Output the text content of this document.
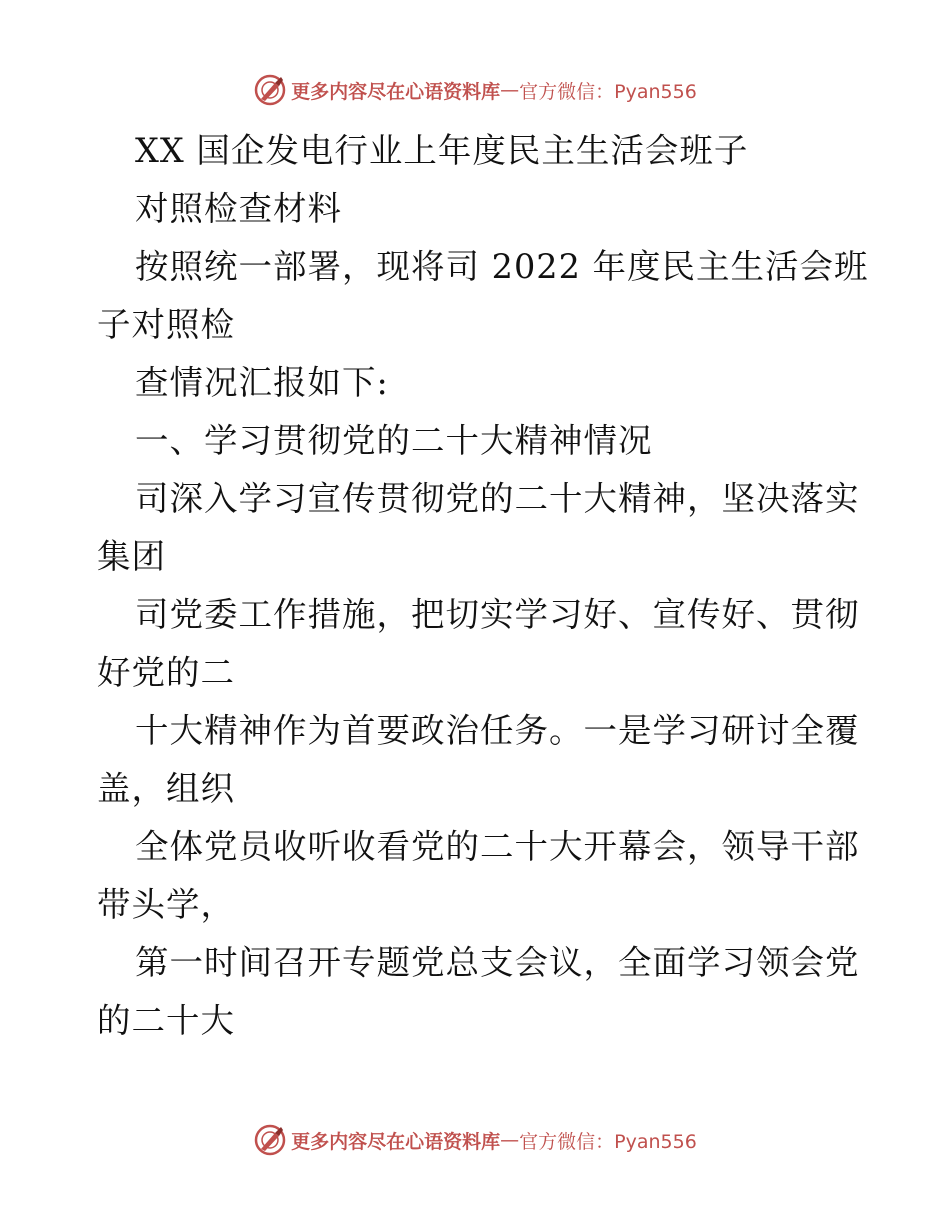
更多内容尽在心语资料库 — 官方微信：Pyan556
XX 国企发电行业上年度民主生活会班子
对照检查材料
按照统一部署，现将司 2022 年度民主生活会班
子对照检
查情况汇报如下:
一、学习贯彻党的二十大精神情况
司深入学习宣传贯彻党的二十大精神，坚决落实
集团
司党委工作措施，把切实学习好、宣传好、贯彻
好党的二
十大精神作为首要政治任务。一是学习研讨全覆
盖，组织
全体党员收听收看党的二十大开幕会，领导干部
带头学，
第一时间召开专题党总支会议，全面学习领会党
的二十大
更多内容尽在心语资料库 — 官方微信：Pyan556
